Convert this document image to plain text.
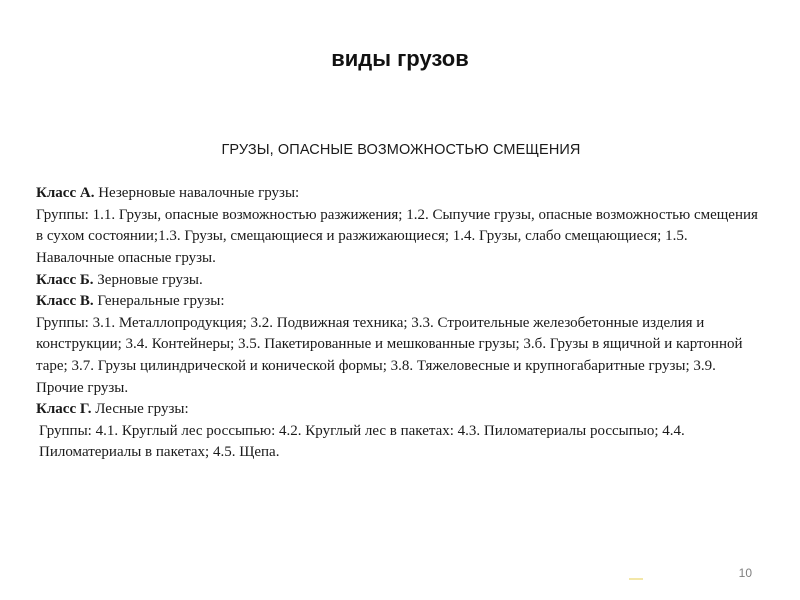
виды грузов

ГРУЗЫ, ОПАСНЫЕ ВОЗМОЖНОСТЬЮ СМЕЩЕНИЯ

Класс А. Незерновые навалочные грузы:

Группы: 1.1. Грузы, опасные возможностью разжижения; 1.2. Сыпучие грузы, опасные возможностью смещения в сухом состоянии;1.3. Грузы, смещающиеся и разжижающиеся; 1.4. Грузы, слабо смещающиеся; 1.5. Навалочные опасные грузы.

Класс Б. Зерновые грузы.

Класс В. Генеральные грузы:

Группы: 3.1. Металлопродукция; 3.2. Подвижная техника; 3.3. Строительные железобетонные изделия и конструкции; 3.4. Контейнеры; 3.5. Пакетированные и мешкованные грузы; 3.б. Грузы в ящичной и картонной таре; 3.7. Грузы цилиндрической и конической формы; 3.8. Тяжеловесные и крупногабаритные грузы; 3.9. Прочие грузы.

Класс Г. Лесные грузы:

Группы: 4.1. Круглый лес россыпью: 4.2. Круглый лес в пакетах: 4.3. Пиломатериалы россыпыо; 4.4. Пиломатериалы в пакетах; 4.5. Щепа.

10
